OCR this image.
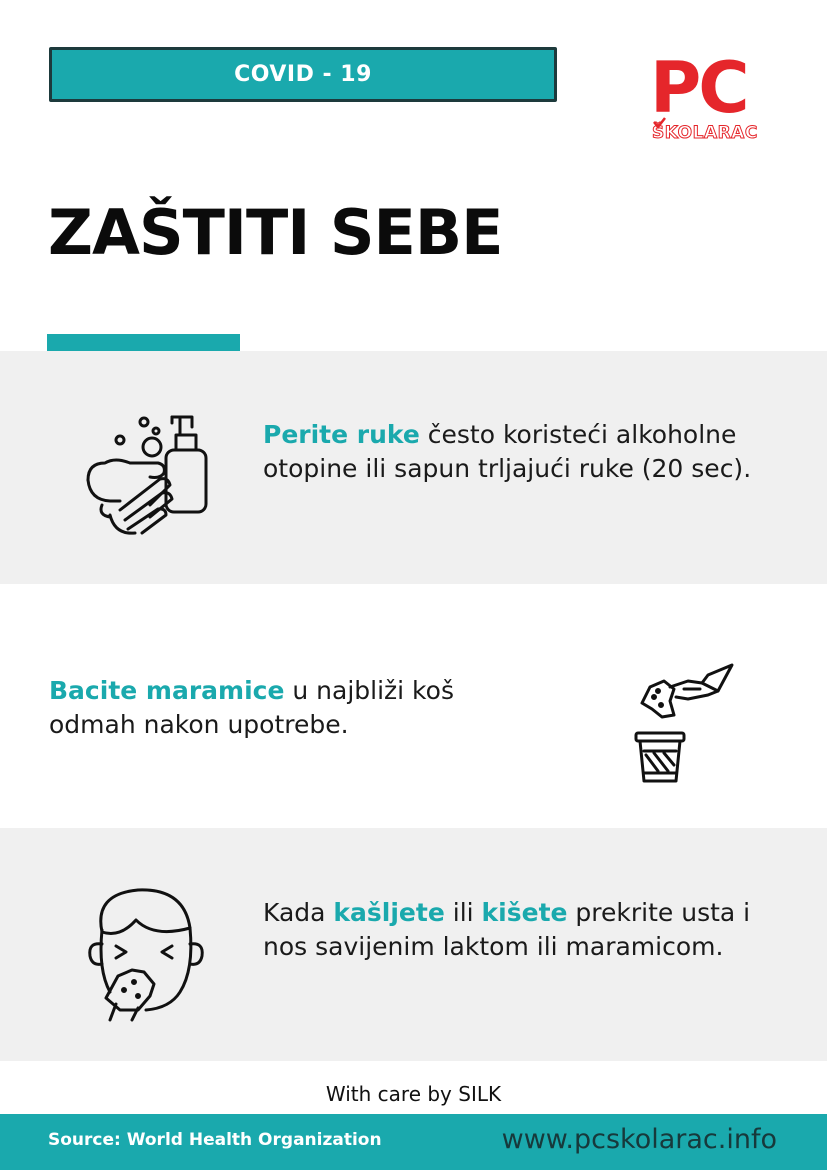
COVID - 19	PC
ŠKOLARAC
ZAŠTITI SEBE
Perite ruke često koristeći alkoholne otopine ili sapun trljajući ruke (20 sec).
Bacite maramice u najbliži koš odmah nakon upotrebe.
Kada kašljete ili kišete prekrite usta i nos savijenim laktom ili maramicom.
With care by SILK
Source: World Health Organization	www.pcskolarac.info
